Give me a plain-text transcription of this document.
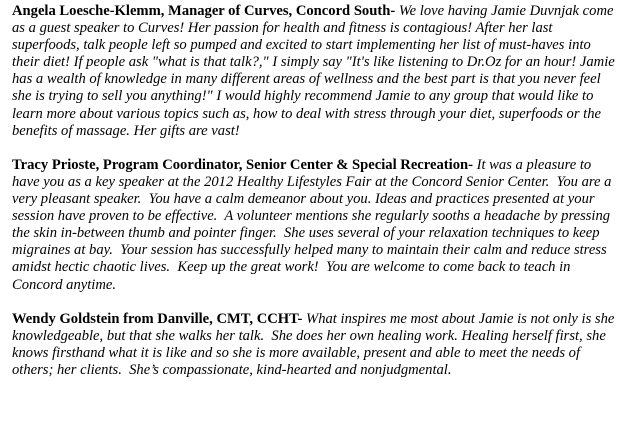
Angela Loesche-Klemm, Manager of Curves, Concord South- We love having Jamie Duvnjak come as a guest speaker to Curves! Her passion for health and fitness is contagious! After her last superfoods, talk people left so pumped and excited to start implementing her list of must-haves into their diet! If people ask "what is that talk?," I simply say "It's like listening to Dr.Oz for an hour! Jamie has a wealth of knowledge in many different areas of wellness and the best part is that you never feel she is trying to sell you anything!" I would highly recommend Jamie to any group that would like to learn more about various topics such as, how to deal with stress through your diet, superfoods or the benefits of massage. Her gifts are vast!

Tracy Prioste, Program Coordinator, Senior Center & Special Recreation- It was a pleasure to have you as a key speaker at the 2012 Healthy Lifestyles Fair at the Concord Senior Center.  You are a very pleasant speaker.  You have a calm demeanor about you. Ideas and practices presented at your session have proven to be effective.  A volunteer mentions she regularly sooths a headache by pressing the skin in-between thumb and pointer finger.  She uses several of your relaxation techniques to keep migraines at bay.  Your session has successfully helped many to maintain their calm and reduce stress amidst hectic chaotic lives.  Keep up the great work!  You are welcome to come back to teach in Concord anytime.

Wendy Goldstein from Danville, CMT, CCHT- What inspires me most about Jamie is not only is she knowledgeable, but that she walks her talk.  She does her own healing work. Healing herself first, she knows firsthand what it is like and so she is more available, present and able to meet the needs of others; her clients.  She’s compassionate, kind-hearted and nonjudgmental.
